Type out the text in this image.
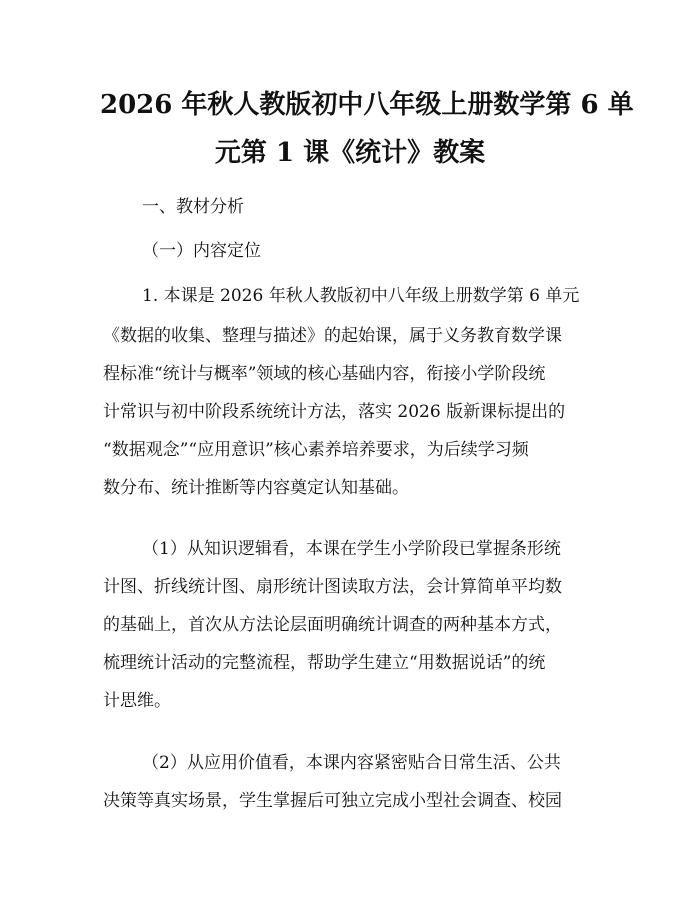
2026 年秋人教版初中八年级上册数学第 6 单
元第 1 课《统计》教案

一、教材分析

（一）内容定位

1. 本课是 2026 年秋人教版初中八年级上册数学第 6 单元

《数据的收集、整理与描述》的起始课，属于义务教育数学课

程标准“统计与概率”领域的核心基础内容，衔接小学阶段统

计常识与初中阶段系统统计方法，落实 2026 版新课标提出的

“数据观念”“应用意识”核心素养培养要求，为后续学习频

数分布、统计推断等内容奠定认知基础。

（1）从知识逻辑看，本课在学生小学阶段已掌握条形统

计图、折线统计图、扇形统计图读取方法，会计算简单平均数

的基础上，首次从方法论层面明确统计调查的两种基本方式，

梳理统计活动的完整流程，帮助学生建立“用数据说话”的统

计思维。

（2）从应用价值看，本课内容紧密贴合日常生活、公共

决策等真实场景，学生掌握后可独立完成小型社会调查、校园
